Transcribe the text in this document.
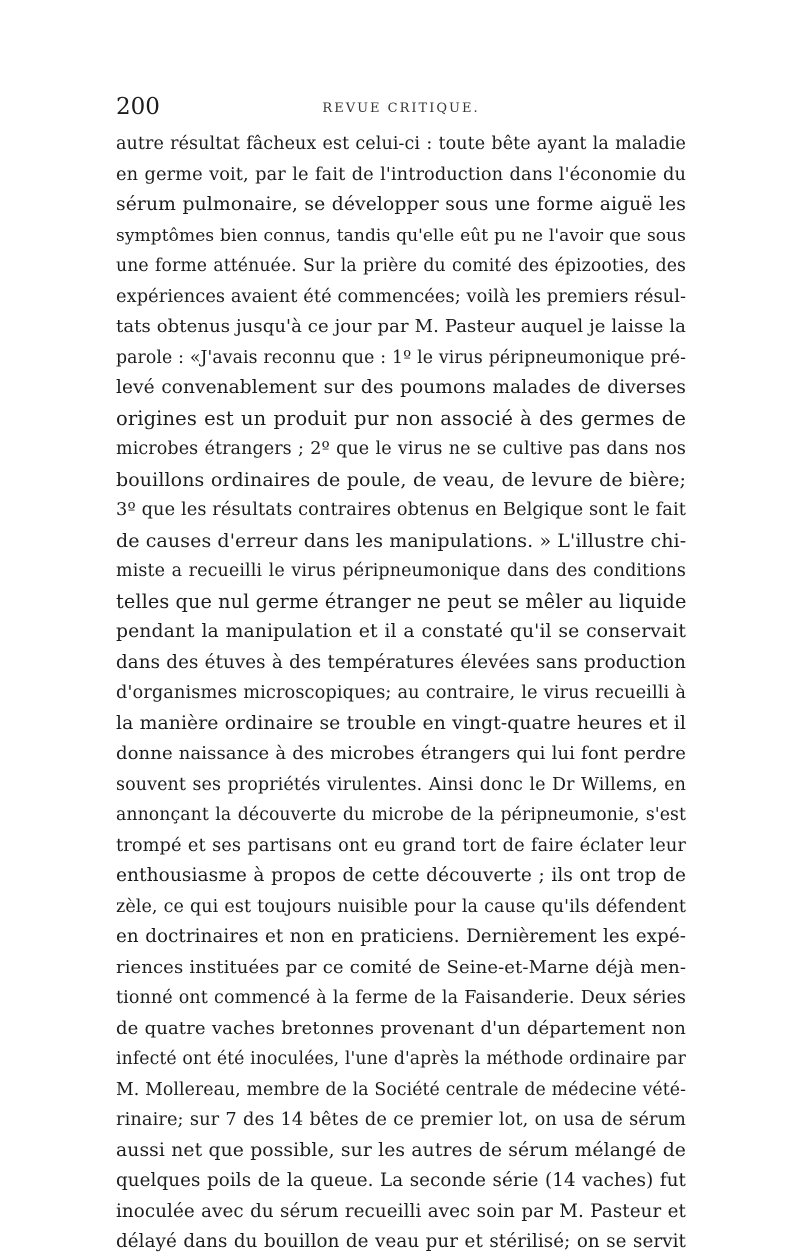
200	REVUE CRITIQUE.
autre résultat fâcheux est celui-ci : toute bête ayant la maladie
en germe voit, par le fait de l'introduction dans l'économie du
sérum pulmonaire, se développer sous une forme aiguë les
symptômes bien connus, tandis qu'elle eût pu ne l'avoir que sous
une forme atténuée. Sur la prière du comité des épizooties, des
expériences avaient été commencées; voilà les premiers résul-
tats obtenus jusqu'à ce jour par M. Pasteur auquel je laisse la
parole : «J'avais reconnu que : 1º le virus péripneumonique pré-
levé convenablement sur des poumons malades de diverses
origines est un produit pur non associé à des germes de
microbes étrangers ; 2º que le virus ne se cultive pas dans nos
bouillons ordinaires de poule, de veau, de levure de bière;
3º que les résultats contraires obtenus en Belgique sont le fait
de causes d'erreur dans les manipulations. » L'illustre chi-
miste a recueilli le virus péripneumonique dans des conditions
telles que nul germe étranger ne peut se mêler au liquide
pendant la manipulation et il a constaté qu'il se conservait
dans des étuves à des températures élevées sans production
d'organismes microscopiques; au contraire, le virus recueilli à
la manière ordinaire se trouble en vingt-quatre heures et il
donne naissance à des microbes étrangers qui lui font perdre
souvent ses propriétés virulentes. Ainsi donc le Dr Willems, en
annonçant la découverte du microbe de la péripneumonie, s'est
trompé et ses partisans ont eu grand tort de faire éclater leur
enthousiasme à propos de cette découverte ; ils ont trop de
zèle, ce qui est toujours nuisible pour la cause qu'ils défendent
en doctrinaires et non en praticiens. Dernièrement les expé-
riences instituées par ce comité de Seine-et-Marne déjà men-
tionné ont commencé à la ferme de la Faisanderie. Deux séries
de quatre vaches bretonnes provenant d'un département non
infecté ont été inoculées, l'une d'après la méthode ordinaire par
M. Mollereau, membre de la Société centrale de médecine vété-
rinaire; sur 7 des 14 bêtes de ce premier lot, on usa de sérum
aussi net que possible, sur les autres de sérum mélangé de
quelques poils de la queue. La seconde série (14 vaches) fut
inoculée avec du sérum recueilli avec soin par M. Pasteur et
délayé dans du bouillon de veau pur et stérilisé; on se servit
